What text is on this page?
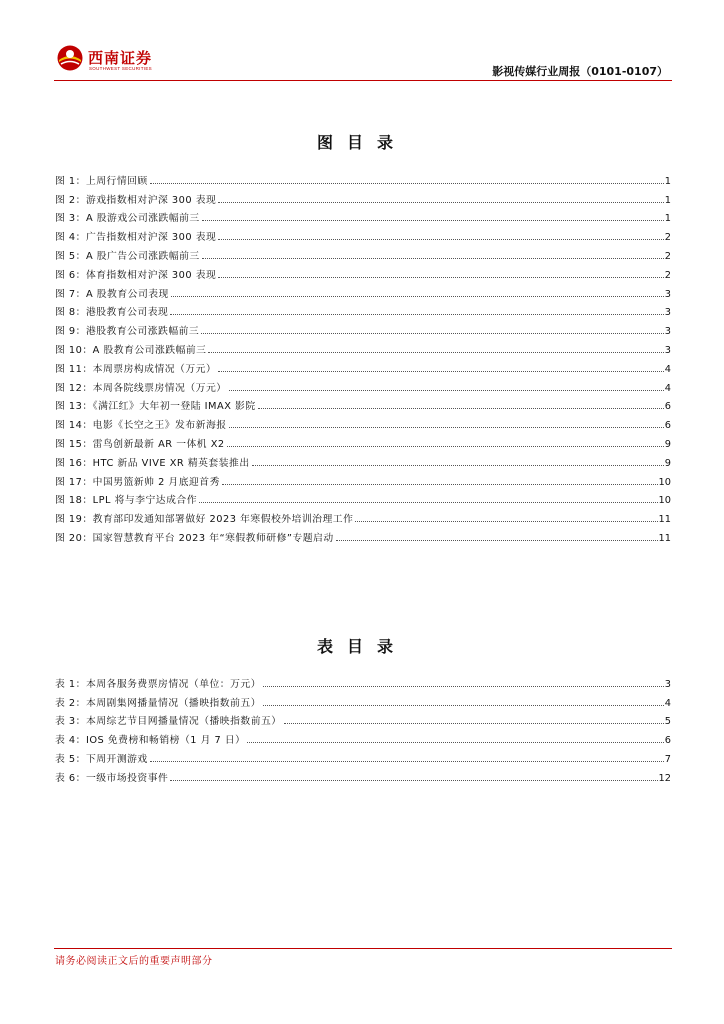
西南证券
SOUTHWEST SECURITIES	影视传媒行业周报（0101-0107）
图目录
图 1：上周行情回顾	1
图 2：游戏指数相对沪深 300 表现	1
图 3：A 股游戏公司涨跌幅前三	1
图 4：广告指数相对沪深 300 表现	2
图 5：A 股广告公司涨跌幅前三	2
图 6：体育指数相对沪深 300 表现	2
图 7：A 股教育公司表现	3
图 8：港股教育公司表现	3
图 9：港股教育公司涨跌幅前三	3
图 10：A 股教育公司涨跌幅前三	3
图 11：本周票房构成情况（万元）	4
图 12：本周各院线票房情况（万元）	4
图 13：《满江红》大年初一登陆 IMAX 影院	6
图 14：电影《长空之王》发布新海报	6
图 15：雷鸟创新最新 AR 一体机 X2	9
图 16：HTC 新品 VIVE XR 精英套装推出	9
图 17：中国男篮新帅 2 月底迎首秀	10
图 18：LPL 将与李宁达成合作	10
图 19：教育部印发通知部署做好 2023 年寒假校外培训治理工作	11
图 20：国家智慧教育平台 2023 年“寒假教师研修”专题启动	11
表目录
表 1：本周各服务费票房情况（单位：万元）	3
表 2：本周剧集网播量情况（播映指数前五）	4
表 3：本周综艺节目网播量情况（播映指数前五）	5
表 4：IOS 免费榜和畅销榜（1 月 7 日）	6
表 5：下周开测游戏	7
表 6：一级市场投资事件	12
请务必阅读正文后的重要声明部分
